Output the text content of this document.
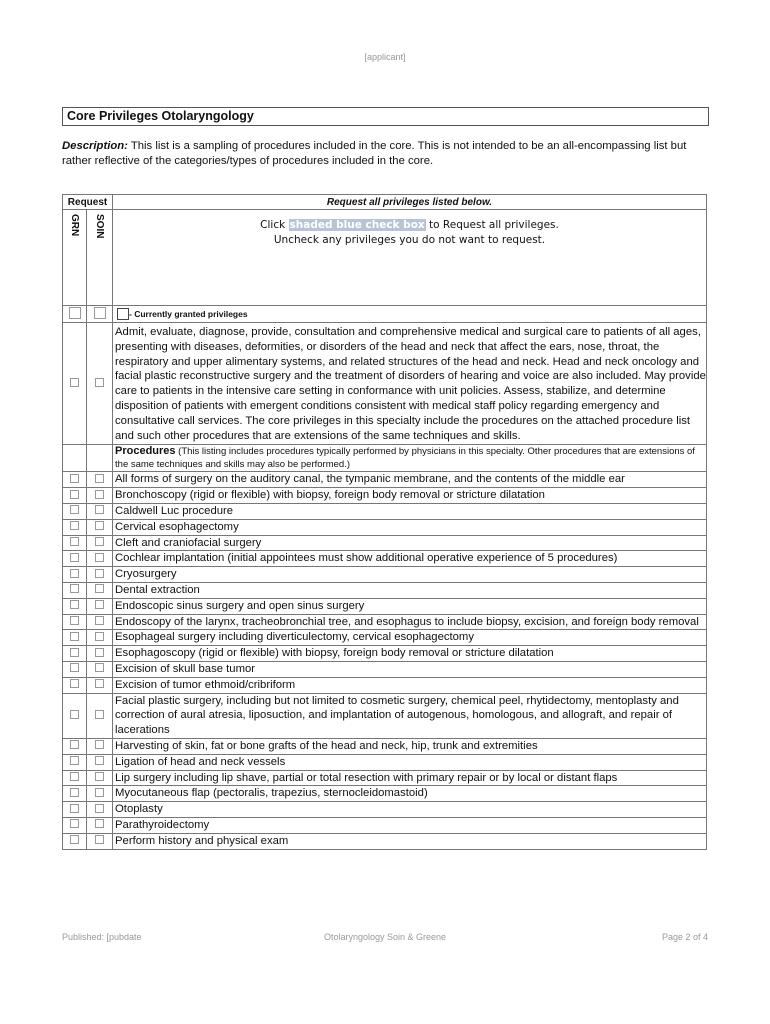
[applicant]
Core Privileges Otolaryngology
Description: This list is a sampling of procedures included in the core. This is not intended to be an all-encompassing list but rather reflective of the categories/types of procedures included in the core.
Request		Request all privileges listed below.
GRN	SOIN	Click shaded blue check box to Request all privileges.
Uncheck any privileges you do not want to request.

		- Currently granted privileges
		Admit, evaluate, diagnose, provide, consultation and comprehensive medical and surgical care to patients of all ages, presenting with diseases, deformities, or disorders of the head and neck that affect the ears, nose, throat, the respiratory and upper alimentary systems, and related structures of the head and neck. Head and neck oncology and facial plastic reconstructive surgery and the treatment of disorders of hearing and voice are also included. May provide care to patients in the intensive care setting in conformance with unit policies. Assess, stabilize, and determine disposition of patients with emergent conditions consistent with medical staff policy regarding emergency and consultative call services. The core privileges in this specialty include the procedures on the attached procedure list and such other procedures that are extensions of the same techniques and skills.
		Procedures (This listing includes procedures typically performed by physicians in this specialty. Other procedures that are extensions of the same techniques and skills may also be performed.)
		All forms of surgery on the auditory canal, the tympanic membrane, and the contents of the middle ear
		Bronchoscopy (rigid or flexible) with biopsy, foreign body removal or stricture dilatation
		Caldwell Luc procedure
		Cervical esophagectomy
		Cleft and craniofacial surgery
		Cochlear implantation (initial appointees must show additional operative experience of 5 procedures)
		Cryosurgery
		Dental extraction
		Endoscopic sinus surgery and open sinus surgery
		Endoscopy of the larynx, tracheobronchial tree, and esophagus to include biopsy, excision, and foreign body removal
		Esophageal surgery including diverticulectomy, cervical esophagectomy
		Esophagoscopy (rigid or flexible) with biopsy, foreign body removal or stricture dilatation
		Excision of skull base tumor
		Excision of tumor ethmoid/cribriform
		Facial plastic surgery, including but not limited to cosmetic surgery, chemical peel, rhytidectomy, mentoplasty and correction of aural atresia, liposuction, and implantation of autogenous, homologous, and allograft, and repair of lacerations
		Harvesting of skin, fat or bone grafts of the head and neck, hip, trunk and extremities
		Ligation of head and neck vessels
		Lip surgery including lip shave, partial or total resection with primary repair or by local or distant flaps
		Myocutaneous flap (pectoralis, trapezius, sternocleidomastoid)
		Otoplasty
		Parathyroidectomy
		Perform history and physical exam
Published: [pubdate	Otolaryngology Soin & Greene	Page 2 of 4
